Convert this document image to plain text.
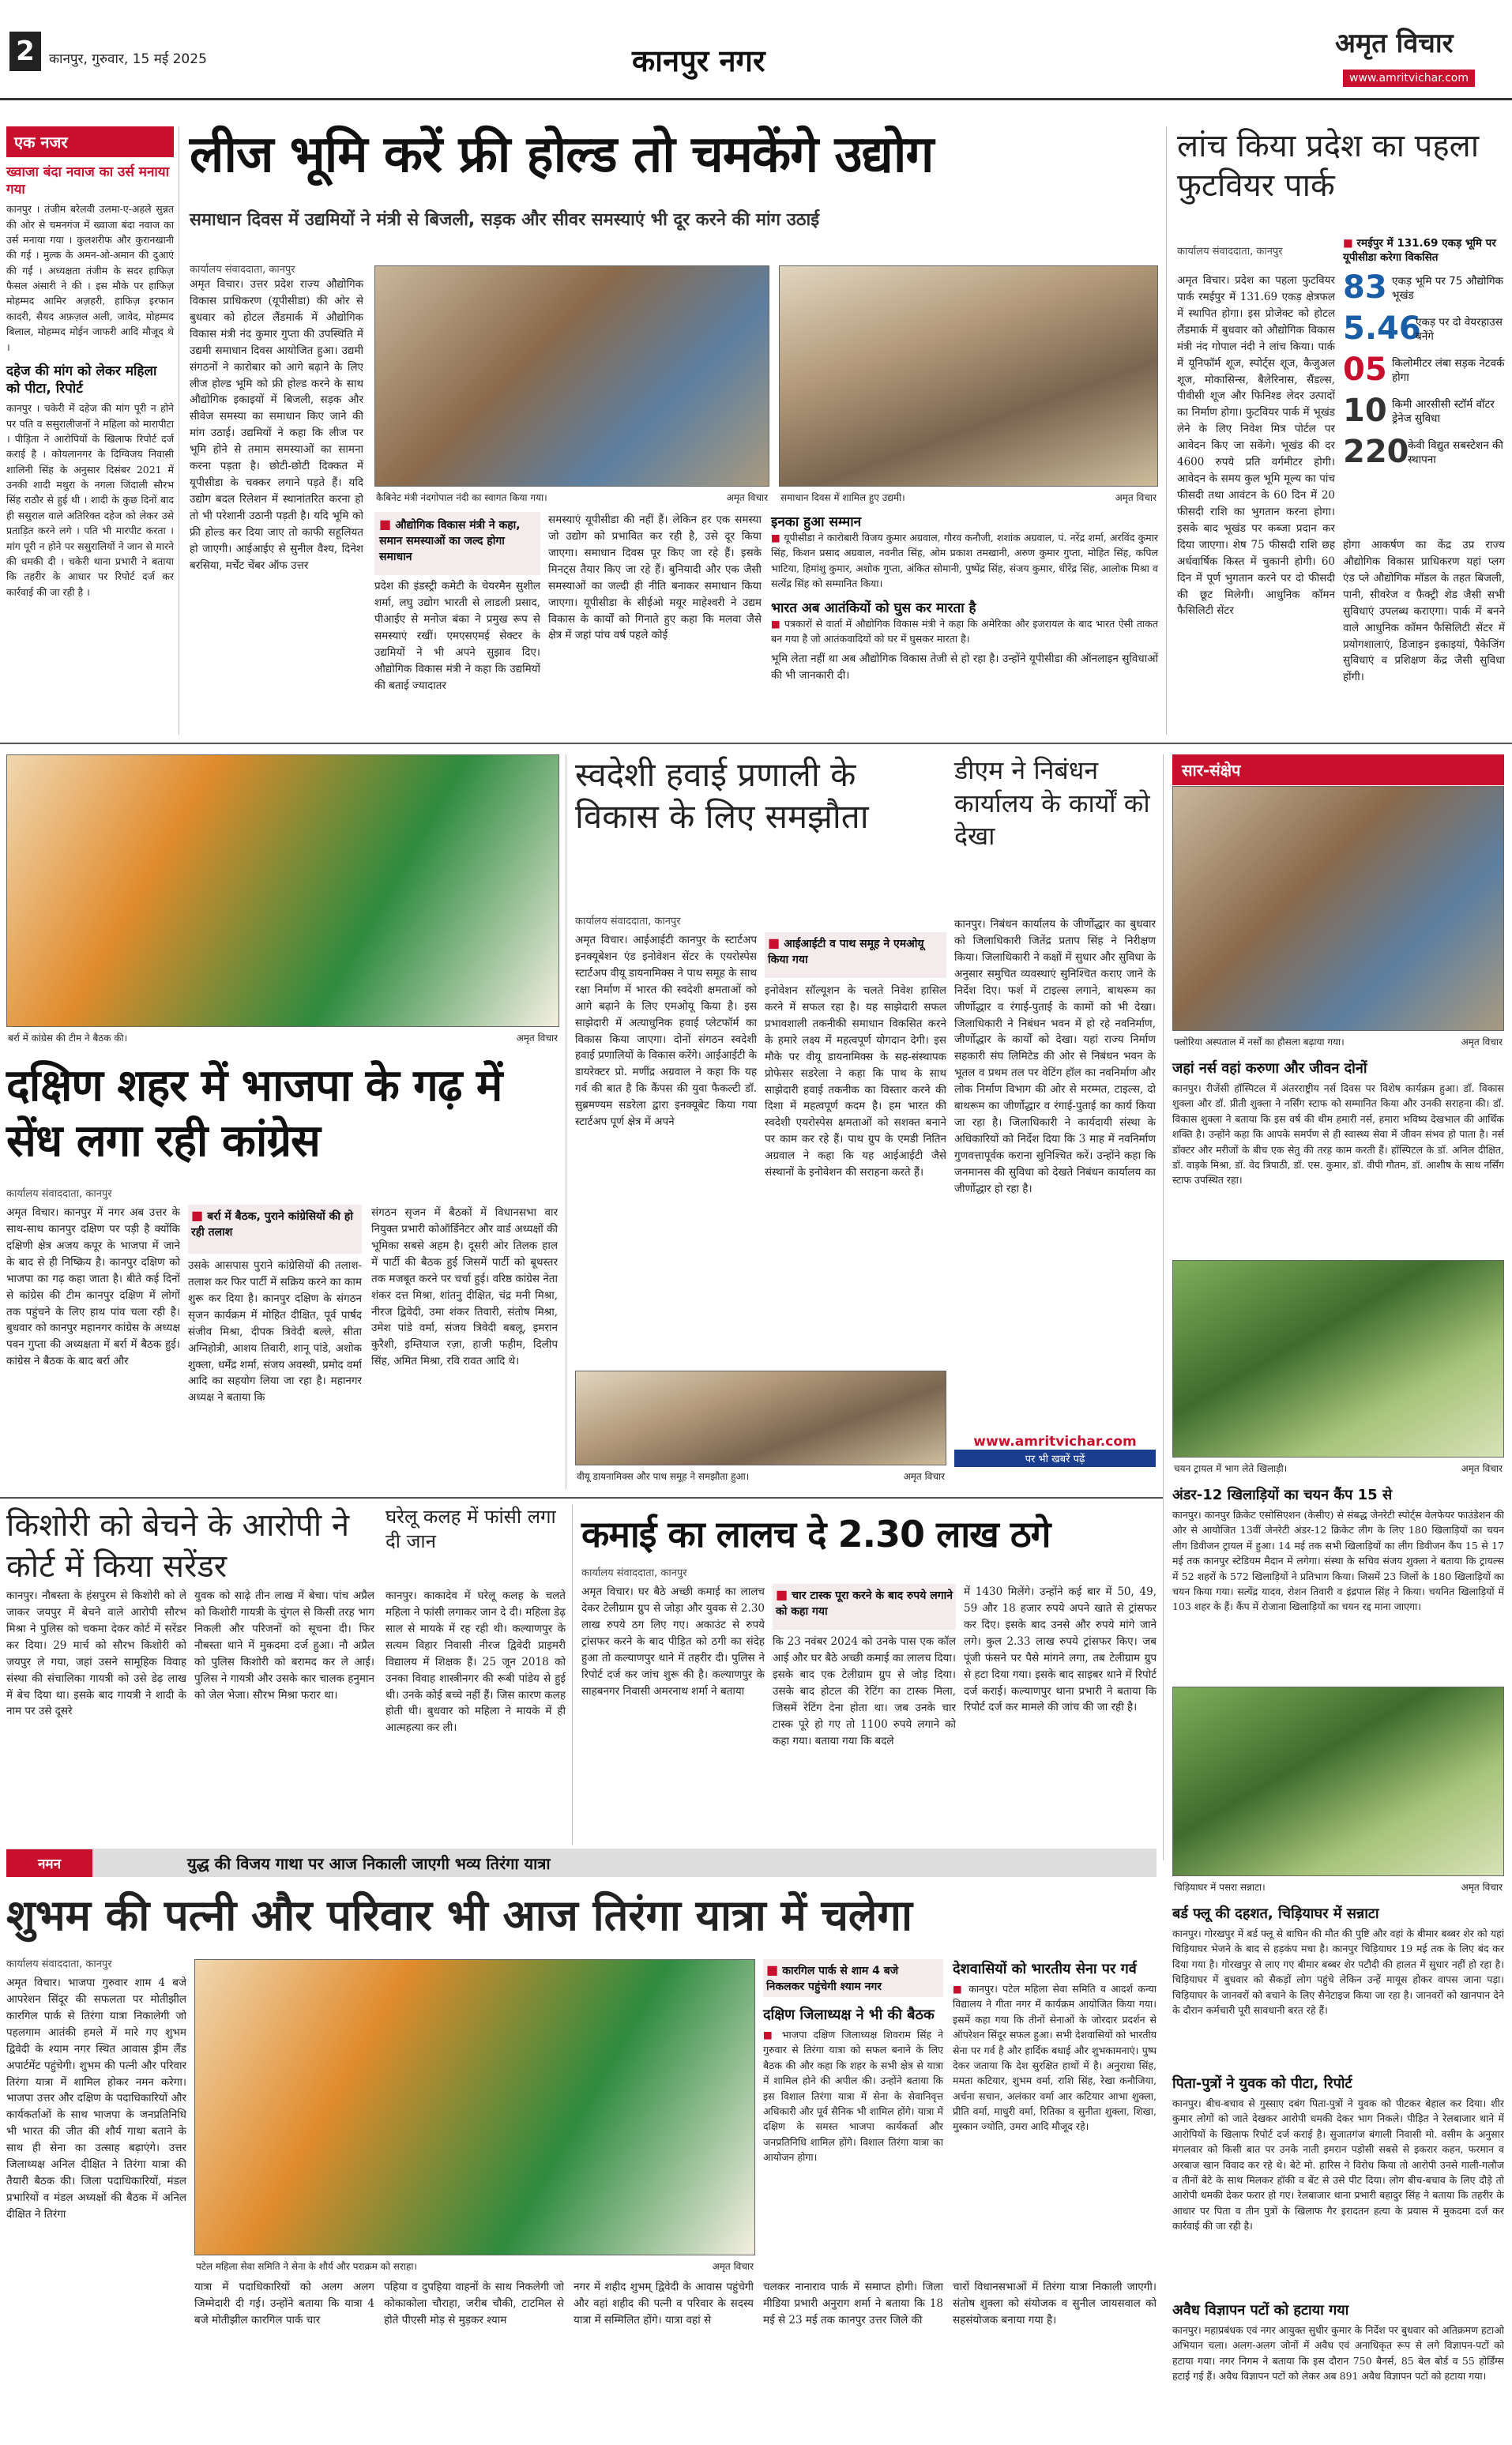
2	कानपुर, गुरुवार, 15 मई 2025	कानपुर नगर	अमृत विचार
www.amritvichar.com
एक नजर
ख्वाजा बंदा नवाज का उर्स मनाया गया
कानपुर । तंजीम बरेलवी उलमा-ए-अहले सुन्नत की ओर से चमनगंज में ख्वाजा बंदा नवाज का उर्स मनाया गया । कुलशरीफ और कुरानखानी की गई । मुल्क के अमन-ओ-अमान की दुआएं की गईं । अध्यक्षता तंजीम के सदर हाफिज़ फैसल अंसारी ने की । इस मौके पर हाफिज़ मोहम्मद आमिर अज़हरी, हाफिज़ इरफान कादरी, सैयद अफ़ज़ल अली, जावेद, मोहम्मद बिलाल, मोहम्मद मोईन जाफरी आदि मौजूद थे ।
दहेज की मांग को लेकर महिला को पीटा, रिपोर्ट
कानपुर । चकेरी में दहेज की मांग पूरी न होने पर पति व ससुरालीजनों ने महिला को मारापीटा । पीड़िता ने आरोपियों के खिलाफ रिपोर्ट दर्ज कराई है । कोयलानगर के दिग्विजय निवासी शालिनी सिंह के अनुसार दिसंबर 2021 में उनकी शादी मथुरा के नगला जिंदाली सौरभ सिंह राठौर से हुई थी । शादी के कुछ दिनों बाद ही ससुराल वाले अतिरिक्त दहेज को लेकर उसे प्रताड़ित करने लगे । पति भी मारपीट करता । मांग पूरी न होने पर ससुरालियों ने जान से मारने की धमकी दी । चकेरी थाना प्रभारी ने बताया कि तहरीर के आधार पर रिपोर्ट दर्ज कर कार्रवाई की जा रही है ।
लीज भूमि करें फ्री होल्ड तो चमकेंगे उद्योग
समाधान दिवस में उद्यमियों ने मंत्री से बिजली, सड़क और सीवर समस्याएं भी दूर करने की मांग उठाई
कार्यालय संवाददाता, कानपुर
अमृत विचार। उत्तर प्रदेश राज्य औद्योगिक विकास प्राधिकरण (यूपीसीडा) की ओर से बुधवार को होटल लैंडमार्क में औद्योगिक विकास मंत्री नंद कुमार गुप्ता की उपस्थिति में उद्यमी समाधान दिवस आयोजित हुआ। उद्यमी संगठनों ने कारोबार को आगे बढ़ाने के लिए लीज होल्ड भूमि को फ्री होल्ड करने के साथ औद्योगिक इकाइयों में बिजली, सड़क और सीवेज समस्या का समाधान किए जाने की मांग उठाई। उद्यमियों ने कहा कि लीज पर भूमि होने से तमाम समस्याओं का सामना करना पड़ता है। छोटी-छोटी दिक्कत में यूपीसीडा के चक्कर लगाने पड़ते हैं। यदि उद्योग बदल रिलेशन में स्थानांतरित करना हो तो भी परेशानी उठानी पड़ती है। यदि भूमि को फ्री होल्ड कर दिया जाए तो काफी सहूलियत हो जाएगी। आईआईए से सुनील वैश्य, दिनेश बरसिया, मर्चेंट चेंबर ऑफ उत्तर
कैबिनेट मंत्री नंदगोपाल नंदी का स्वागत किया गया।	अमृत विचार समाधान दिवस में शामिल हुए उद्यमी।	अमृत विचार
■ औद्योगिक विकास मंत्री ने कहा, समान समस्याओं का जल्द होगा समाधान
प्रदेश की इंडस्ट्री कमेटी के चेयरमैन सुशील शर्मा, लघु उद्योग भारती से लाडली प्रसाद, पीआईए से मनोज बंका ने प्रमुख रूप से समस्याएं रखीं। एमएसएमई सेक्टर के उद्यमियों ने भी अपने सुझाव दिए। औद्योगिक विकास मंत्री ने कहा कि उद्यमियों की बताई ज्यादातर
समस्याएं यूपीसीडा की नहीं हैं। लेकिन हर एक समस्या जो उद्योग को प्रभावित कर रही है, उसे दूर किया जाएगा। समाधान दिवस पूर किए जा रहे हैं। इसके मिनट्स तैयार किए जा रहे हैं। बुनियादी और एक जैसी समस्याओं का जल्दी ही नीति बनाकर समाधान किया जाएगा। यूपीसीडा के सीईओ मयूर माहेश्वरी ने उद्यम विकास के कार्यों को गिनाते हुए कहा कि मलवा जैसे क्षेत्र में जहां पांच वर्ष पहले कोई
इनका हुआ सम्मान
■ यूपीसीडा ने कारोबारी विजय कुमार अग्रवाल, गौरव कनौजी, शशांक अग्रवाल, पं. नरेंद्र शर्मा, अरविंद कुमार सिंह, किशन प्रसाद अग्रवाल, नवनीत सिंह, ओम प्रकाश तमखानी, अरुण कुमार गुप्ता, मोहित सिंह, कपिल भाटिया, हिमांशु कुमार, अशोक गुप्ता, अंकित सोमानी, पुष्पेंद्र सिंह, संजय कुमार, धीरेंद्र सिंह, आलोक मिश्रा व सत्येंद्र सिंह को सम्मानित किया।
भारत अब आतंकियों को घुस कर मारता है
■ पत्रकारों से वार्ता में औद्योगिक विकास मंत्री ने कहा कि अमेरिका और इजरायल के बाद भारत ऐसी ताकत बन गया है जो आतंकवादियों को घर में घुसकर मारता है।
भूमि लेता नहीं था अब औद्योगिक विकास तेजी से हो रहा है। उन्होंने यूपीसीडा की ऑनलाइन सुविधाओं की भी जानकारी दी।
लांच किया प्रदेश का पहला फुटवियर पार्क
कार्यालय संवाददाता, कानपुर
अमृत विचार। प्रदेश का पहला फुटवियर पार्क रमईपुर में 131.69 एकड़ क्षेत्रफल में स्थापित होगा। इस प्रोजेक्ट को होटल लैंडमार्क में बुधवार को औद्योगिक विकास मंत्री नंद गोपाल नंदी ने लांच किया। पार्क में यूनिफॉर्म शूज, स्पोर्ट्स शूज, कैजुअल शूज, मोकासिन्स, बैलेरिनास, सैंडल्स, पीवीसी शूज और फिनिश्ड लेदर उत्पादों का निर्माण होगा। फुटवियर पार्क में भूखंड लेने के लिए निवेश मित्र पोर्टल पर आवेदन किए जा सकेंगे। भूखंड की दर 4600 रुपये प्रति वर्गमीटर होगी। आवेदन के समय कुल भूमि मूल्य का पांच फीसदी तथा आवंटन के 60 दिन में 20 फीसदी राशि का भुगतान करना होगा। इसके बाद भूखंड पर कब्जा प्रदान कर दिया जाएगा। शेष 75 फीसदी राशि छह अर्धवार्षिक किस्त में चुकानी होगी। 60 दिन में पूर्ण भुगतान करने पर दो फीसदी की छूट मिलेगी। आधुनिक कॉमन फैसिलिटी सेंटर
■ रमईपुर में 131.69 एकड़ भूमि पर यूपीसीडा करेगा विकसित
83 एकड़ भूमि पर 75 औद्योगिक भूखंड
5.46
एकड़ पर दो वेयरहाउस बनेंगे
05 किलोमीटर लंबा सड़क नेटवर्क होगा
10 किमी आरसीसी स्टॉर्म वॉटर ड्रेनेज सुविधा
220
केवी विद्युत सबस्टेशन की स्थापना
होगा आकर्षण का केंद्र उप्र राज्य औद्योगिक विकास प्राधिकरण यहां प्लग एंड प्ले औद्योगिक मॉडल के तहत बिजली, पानी, सीवरेज व फैक्ट्री शेड जैसी सभी सुविधाएं उपलब्ध कराएगा। पार्क में बनने वाले आधुनिक कॉमन फैसिलिटी सेंटर में प्रयोगशालाएं, डिजाइन इकाइयां, पैकेजिंग सुविधाएं व प्रशिक्षण केंद्र जैसी सुविधा होंगी।
बर्रा में कांग्रेस की टीम ने बैठक की।	अमृत विचार
दक्षिण शहर में भाजपा के गढ़ में सेंध लगा रही कांग्रेस
कार्यालय संवाददाता, कानपुर
अमृत विचार। कानपुर में नगर अब उत्तर के साथ-साथ कानपुर दक्षिण पर पड़ी है क्योंकि दक्षिणी क्षेत्र अजय कपूर के भाजपा में जाने के बाद से ही निष्क्रिय है। कानपुर दक्षिण को भाजपा का गढ़ कहा जाता है। बीते कई दिनों से कांग्रेस की टीम कानपुर दक्षिण में लोगों तक पहुंचने के लिए हाथ पांव चला रही है। बुधवार को कानपुर महानगर कांग्रेस के अध्यक्ष पवन गुप्ता की अध्यक्षता में बर्रा में बैठक हुई। कांग्रेस ने बैठक के बाद बर्रा और
■ बर्रा में बैठक, पुराने कांग्रेसियों की हो रही तलाश
उसके आसपास पुराने कांग्रेसियों की तलाश-तलाश कर फिर पार्टी में सक्रिय करने का काम शुरू कर दिया है। कानपुर दक्षिण के संगठन सृजन कार्यक्रम में मोहित दीक्षित, पूर्व पार्षद संजीव मिश्रा, दीपक त्रिवेदी बल्ले, सीता अग्निहोत्री, आशय तिवारी, शानू पांडे, अशोक शुक्ला, धर्मेंद्र शर्मा, संजय अवस्थी, प्रमोद वर्मा आदि का सहयोग लिया जा रहा है। महानगर अध्यक्ष ने बताया कि
संगठन सृजन में बैठकों में विधानसभा वार नियुक्त प्रभारी कोऑर्डिनेटर और वार्ड अध्यक्षों की भूमिका सबसे अहम है। दूसरी ओर तिलक हाल में पार्टी की बैठक हुई जिसमें पार्टी को बूथस्तर तक मजबूत करने पर चर्चा हुई। वरिष्ठ कांग्रेस नेता शंकर दत्त मिश्रा, शांतनु दीक्षित, चंद्र मनी मिश्रा, नीरज द्विवेदी, उमा शंकर तिवारी, संतोष मिश्रा, उमेश पांडे वर्मा, संजय त्रिवेदी बबलू, इमरान कुरैशी, इम्तियाज रज़ा, हाजी फहीम, दिलीप सिंह, अमित मिश्रा, रवि रावत आदि थे।
स्वदेशी हवाई प्रणाली के विकास के लिए समझौता
कार्यालय संवाददाता, कानपुर
अमृत विचार। आईआईटी कानपुर के स्टार्टअप इनक्यूबेशन एंड इनोवेशन सेंटर के एयरोस्पेस स्टार्टअप वीयू डायनामिक्स ने पाथ समूह के साथ रक्षा निर्माण में भारत की स्वदेशी क्षमताओं को आगे बढ़ाने के लिए एमओयू किया है। इस साझेदारी में अत्याधुनिक हवाई प्लेटफॉर्म का विकास किया जाएगा। दोनों संगठन स्वदेशी हवाई प्रणालियों के विकास करेंगे। आईआईटी के डायरेक्टर प्रो. मणींद्र अग्रवाल ने कहा कि यह गर्व की बात है कि कैंपस की युवा फैकल्टी डॉ. सुब्रमण्यम सडरेला द्वारा इनक्यूबेट किया गया स्टार्टअप पूर्ण क्षेत्र में अपने
■ आईआईटी व पाथ समूह ने एमओयू किया गया
इनोवेशन सॉल्यूशन के चलते निवेश हासिल करने में सफल रहा है। यह साझेदारी सफल प्रभावशाली तकनीकी समाधान विकसित करने के हमारे लक्ष्य में महत्वपूर्ण योगदान देगी। इस मौके पर वीयू डायनामिक्स के सह-संस्थापक प्रोफेसर सडरेला ने कहा कि पाथ के साथ साझेदारी हवाई तकनीक का विस्तार करने की दिशा में महत्वपूर्ण कदम है। हम भारत की स्वदेशी एयरोस्पेस क्षमताओं को सशक्त बनाने पर काम कर रहे हैं। पाथ ग्रुप के एमडी नितिन अग्रवाल ने कहा कि यह आईआईटी जैसे संस्थानों के इनोवेशन की सराहना करते हैं।
वीयू डायनामिक्स और पाथ समूह ने समझौता हुआ।	अमृत विचार
डीएम ने निबंधन कार्यालय के कार्यों को देखा
कानपुर। निबंधन कार्यालय के जीर्णोद्धार का बुधवार को जिलाधिकारी जितेंद्र प्रताप सिंह ने निरीक्षण किया। जिलाधिकारी ने कक्षों में सुधार और सुविधा के अनुसार समुचित व्यवस्थाएं सुनिश्चित कराए जाने के निर्देश दिए। फर्श में टाइल्स लगाने, बाथरूम का जीर्णोद्धार व रंगाई-पुताई के कामों को भी देखा। जिलाधिकारी ने निबंधन भवन में हो रहे नवनिर्माण, जीर्णोद्धार के कार्यों को देखा। यहां राज्य निर्माण सहकारी संघ लिमिटेड की ओर से निबंधन भवन के भूतल व प्रथम तल पर वेटिंग हॉल का नवनिर्माण और लोक निर्माण विभाग की ओर से मरम्मत, टाइल्स, दो बाथरूम का जीर्णोद्धार व रंगाई-पुताई का कार्य किया जा रहा है। जिलाधिकारी ने कार्यदायी संस्था के अधिकारियों को निर्देश दिया कि 3 माह में नवनिर्माण गुणवत्तापूर्वक कराना सुनिश्चित करें। उन्होंने कहा कि जनमानस की सुविधा को देखते निबंधन कार्यालय का जीर्णोद्धार हो रहा है।
www.amritvichar.com
पर भी खबरें पढ़ें
सार-संक्षेप
फ्लोरिया अस्पताल में नर्सों का हौसला बढ़ाया गया।	अमृत विचार
जहां नर्स वहां करुणा और जीवन दोनों
कानपुर। रीजेंसी हॉस्पिटल में अंतरराष्ट्रीय नर्स दिवस पर विशेष कार्यक्रम हुआ। डॉ. विकास शुक्ला और डॉ. प्रीती शुक्ला ने नर्सिंग स्टाफ को सम्मानित किया और उनकी सराहना की। डॉ. विकास शुक्ला ने बताया कि इस वर्ष की थीम हमारी नर्स, हमारा भविष्य देखभाल की आर्थिक शक्ति है। उन्होंने कहा कि आपके समर्पण से ही स्वास्थ्य सेवा में जीवन संभव हो पाता है। नर्स डॉक्टर और मरीजों के बीच एक सेतु की तरह काम करती हैं। हॉस्पिटल के डॉ. अनिल दीक्षित, डॉ. वाड़के मिश्रा, डॉ. वेद त्रिपाठी, डॉ. एस. कुमार, डॉ. वीपी गौतम, डॉ. आशीष के साथ नर्सिंग स्टाफ उपस्थित रहा।
चयन ट्रायल में भाग लेते खिलाड़ी।	अमृत विचार
अंडर-12 खिलाड़ियों का चयन कैंप 15 से
कानपुर। कानपुर क्रिकेट एसोसिएशन (केसीए) से संबद्ध जेनरेटी स्पोर्ट्स वेलफेयर फाउंडेशन की ओर से आयोजित 13वीं जेनरेटी अंडर-12 क्रिकेट लीग के लिए 180 खिलाड़ियों का चयन लीग डिवीजन ट्रायल में हुआ। 14 मई तक सभी खिलाड़ियों का लीग डिवीजन कैंप 15 से 17 मई तक कानपुर स्टेडियम मैदान में लगेगा। संस्था के सचिव संजय शुक्ला ने बताया कि ट्रायल्स में 52 शहरों के 572 खिलाड़ियों ने प्रतिभाग किया। जिसमें 23 जिलों के 180 खिलाड़ियों का चयन किया गया। सत्येंद्र यादव, रोशन तिवारी व इंद्रपाल सिंह ने किया। चयनित खिलाड़ियों में 103 शहर के हैं। कैंप में रोजाना खिलाड़ियों का चयन रद्द माना जाएगा।
चिड़ियाघर में पसरा सन्नाटा।	अमृत विचार
बर्ड फ्लू की दहशत, चिड़ियाघर में सन्नाटा
कानपुर। गोरखपुर में बर्ड फ्लू से बाघिन की मौत की पुष्टि और वहां के बीमार बब्बर शेर को यहां चिड़ियाघर भेजने के बाद से हड़कंप मचा है। कानपुर चिड़ियाघर 19 मई तक के लिए बंद कर दिया गया है। गोरखपुर से लाए गए बीमार बब्बर शेर पटौदी की हालत में सुधार नहीं हो रहा है। चिड़ियाघर में बुधवार को सैकड़ों लोग पहुंचे लेकिन उन्हें मायूस होकर वापस जाना पड़ा। चिड़ियाघर के जानवरों को बचाने के लिए सैनेटाइज किया जा रहा है। जानवरों को खानपान देने के दौरान कर्मचारी पूरी सावधानी बरत रहे हैं।
पिता-पुत्रों ने युवक को पीटा, रिपोर्ट
कानपुर। बीच-बचाव से गुस्साए दबंग पिता-पुत्रों ने युवक को पीटकर बेहाल कर दिया। शीर कुमार लोगों को जाते देखकर आरोपी धमकी देकर भाग निकले। पीड़ित ने रेलबाजार थाने में आरोपियों के खिलाफ रिपोर्ट दर्ज कराई है। सुजातगंज बंगाली निवासी मो. वसीम के अनुसार मंगलवार को किसी बात पर उनके नाती इमरान पड़ोसी सबसे से इकरार कहन, फरमान व अरबाज खान विवाद कर रहे थे। बेटे मो. हारिस ने विरोध किया तो आरोपी उनसे गाली-गलौज व तीनों बेटे के साथ मिलकर हॉकी व बेंट से उसे पीट दिया। लोग बीच-बचाव के लिए दौड़े तो आरोपी धमकी देकर फरार हो गए। रेलबाजार थाना प्रभारी बहादुर सिंह ने बताया कि तहरीर के आधार पर पिता व तीन पुत्रों के खिलाफ गैर इरादतन हत्या के प्रयास में मुकदमा दर्ज कर कार्रवाई की जा रही है।
अवैध विज्ञापन पटों को हटाया गया
कानपुर। महाप्रबंधक एवं नगर आयुक्त सुधीर कुमार के निर्देश पर बुधवार को अतिक्रमण हटाओ अभियान चला। अलग-अलग जोनों में अवैध एवं अनाधिकृत रूप से लगे विज्ञापन-पटों को हटाया गया। नगर निगम ने बताया कि इस दौरान 750 बैनर्स, 85 बेल बोर्ड व 55 होर्डिंग्स हटाई गई हैं। अवैध विज्ञापन पटों को लेकर अब 891 अवैध विज्ञापन पटों को हटाया गया।
किशोरी को बेचने के आरोपी ने कोर्ट में किया सरेंडर
कानपुर। नौबस्ता के हंसपुरम से किशोरी को ले जाकर जयपुर में बेचने वाले आरोपी सौरभ मिश्रा ने पुलिस को चकमा देकर कोर्ट में सरेंडर कर दिया। 29 मार्च को सौरभ किशोरी को जयपुर ले गया, जहां उसने सामूहिक विवाह संस्था की संचालिका गायत्री को उसे डेढ़ लाख में बेच दिया था। इसके बाद गायत्री ने शादी के नाम पर उसे दूसरे
युवक को साढ़े तीन लाख में बेचा। पांच अप्रैल को किशोरी गायत्री के चुंगल से किसी तरह भाग निकली और परिजनों को सूचना दी। फिर नौबस्ता थाने में मुकदमा दर्ज हुआ। नौ अप्रैल को पुलिस किशोरी को बरामद कर ले आई। पुलिस ने गायत्री और उसके कार चालक हनुमान को जेल भेजा। सौरभ मिश्रा फरार था।
घरेलू कलह में फांसी लगा दी जान
कानपुर। काकादेव में घरेलू कलह के चलते महिला ने फांसी लगाकर जान दे दी। महिला डेढ़ साल से मायके में रह रही थी। कल्याणपुर के सत्यम विहार निवासी नीरज द्विवेदी प्राइमरी विद्यालय में शिक्षक हैं। 25 जून 2018 को उनका विवाह शास्त्रीनगर की रूबी पांडेय से हुई थी। उनके कोई बच्चे नहीं हैं। जिस कारण कलह होती थी। बुधवार को महिला ने मायके में ही आत्महत्या कर ली।
कमाई का लालच दे 2.30 लाख ठगे
कार्यालय संवाददाता, कानपुर
अमृत विचार। घर बैठे अच्छी कमाई का लालच देकर टेलीग्राम ग्रुप से जोड़ा और युवक से 2.30 लाख रुपये ठग लिए गए। अकाउंट से रुपये ट्रांसफर करने के बाद पीड़ित को ठगी का संदेह हुआ तो कल्याणपुर थाने में तहरीर दी। पुलिस ने रिपोर्ट दर्ज कर जांच शुरू की है। कल्याणपुर के साहबनगर निवासी अमरनाथ शर्मा ने बताया
■ चार टास्क पूरा करने के बाद रुपये लगाने को कहा गया
कि 23 नवंबर 2024 को उनके पास एक कॉल आई और घर बैठे अच्छी कमाई का लालच दिया। इसके बाद एक टेलीग्राम ग्रुप से जोड़ दिया। उसके बाद होटल की रेटिंग का टास्क मिला, जिसमें रेटिंग देना होता था। जब उनके चार टास्क पूरे हो गए तो 1100 रुपये लगाने को कहा गया। बताया गया कि बदले
में 1430 मिलेंगे। उन्होंने कई बार में 50, 49, 59 और 18 हजार रुपये अपने खाते से ट्रांसफर कर दिए। इसके बाद उनसे और रुपये मांगे जाने लगे। कुल 2.33 लाख रुपये ट्रांसफर किए। जब पूंजी फंसने पर पैसे मांगने लगा, तब टेलीग्राम ग्रुप से हटा दिया गया। इसके बाद साइबर थाने में रिपोर्ट दर्ज कराई। कल्याणपुर थाना प्रभारी ने बताया कि रिपोर्ट दर्ज कर मामले की जांच की जा रही है।
नमन	युद्ध की विजय गाथा पर आज निकाली जाएगी भव्य तिरंगा यात्रा
शुभम की पत्नी और परिवार भी आज तिरंगा यात्रा में चलेगा
कार्यालय संवाददाता, कानपुर
अमृत विचार। भाजपा गुरुवार शाम 4 बजे आपरेशन सिंदूर की सफलता पर मोतीझील कारगिल पार्क से तिरंगा यात्रा निकालेगी जो पहलगाम आतंकी हमले में मारे गए शुभम द्विवेदी के श्याम नगर स्थित आवास ड्रीम लैंड अपार्टमेंट पहुंचेगी। शुभम की पत्नी और परिवार तिरंगा यात्रा में शामिल होकर नमन करेगा। भाजपा उत्तर और दक्षिण के पदाधिकारियों और कार्यकर्ताओं के साथ भाजपा के जनप्रतिनिधि भी भारत की जीत की शौर्य गाथा बताने के साथ ही सेना का उत्साह बढ़ाएंगे। उत्तर जिलाध्यक्ष अनिल दीक्षित ने तिरंगा यात्रा की तैयारी बैठक की। जिला पदाधिकारियों, मंडल प्रभारियों व मंडल अध्यक्षों की बैठक में अनिल दीक्षित ने तिरंगा
पटेल महिला सेवा समिति ने सेना के शौर्य और पराक्रम को सराहा।	अमृत विचार
यात्रा में पदाधिकारियों को अलग अलग जिम्मेदारी दी गई। उन्होंने बताया कि यात्रा 4 बजे मोतीझील कारगिल पार्क चार
पहिया व दुपहिया वाहनों के साथ निकलेगी जो कोकाकोला चौराहा, जरीब चौकी, टाटमिल से होते पीएसी मोड़ से मुड़कर श्याम
नगर में शहीद शुभम् द्विवेदी के आवास पहुंचेगी और वहां शहीद की पत्नी व परिवार के सदस्य यात्रा में सम्मिलित होंगे। यात्रा वहां से
■ कारगिल पार्क से शाम 4 बजे निकलकर पहुंचेगी श्याम नगर
दक्षिण जिलाध्यक्ष ने भी की बैठक
■ भाजपा दक्षिण जिलाध्यक्ष शिवराम सिंह ने गुरुवार से तिरंगा यात्रा को सफल बनाने के लिए बैठक की और कहा कि शहर के सभी क्षेत्र से यात्रा में शामिल होने की अपील की। उन्होंने बताया कि इस विशाल तिरंगा यात्रा में सेना के सेवानिवृत्त अधिकारी और पूर्व सैनिक भी शामिल होंगे। यात्रा में दक्षिण के समस्त भाजपा कार्यकर्ता और जनप्रतिनिधि शामिल होंगे। विशाल तिरंगा यात्रा का आयोजन होगा।
चलकर नानाराव पार्क में समाप्त होगी। जिला मीडिया प्रभारी अनुराग शर्मा ने बताया कि 18 मई से 23 मई तक कानपुर उत्तर जिले की
देशवासियों को भारतीय सेना पर गर्व
■ कानपुर। पटेल महिला सेवा समिति व आदर्श कन्या विद्यालय ने गीता नगर में कार्यक्रम आयोजित किया गया। इसमें कहा गया कि तीनों सेनाओं के जोरदार प्रदर्शन से ऑपरेशन सिंदूर सफल हुआ। सभी देशवासियों को भारतीय सेना पर गर्व है और हार्दिक बधाई और शुभकामनाएं। पुष्प देकर जताया कि देश सुरक्षित हाथों में है। अनुराधा सिंह, ममता कटियार, शुभम वर्मा, राशि सिंह, रेखा कनौजिया, अर्चना सचान, अलंकार वर्मा आर कटियार आभा शुक्ला, प्रीति वर्मा, माधुरी वर्मा, रितिका व सुनीता शुक्ला, शिखा, मुस्कान ज्योति, उमरा आदि मौजूद रहे।
चारों विधानसभाओं में तिरंगा यात्रा निकाली जाएगी। संतोष शुक्ला को संयोजक व सुनील जायसवाल को सहसंयोजक बनाया गया है।
